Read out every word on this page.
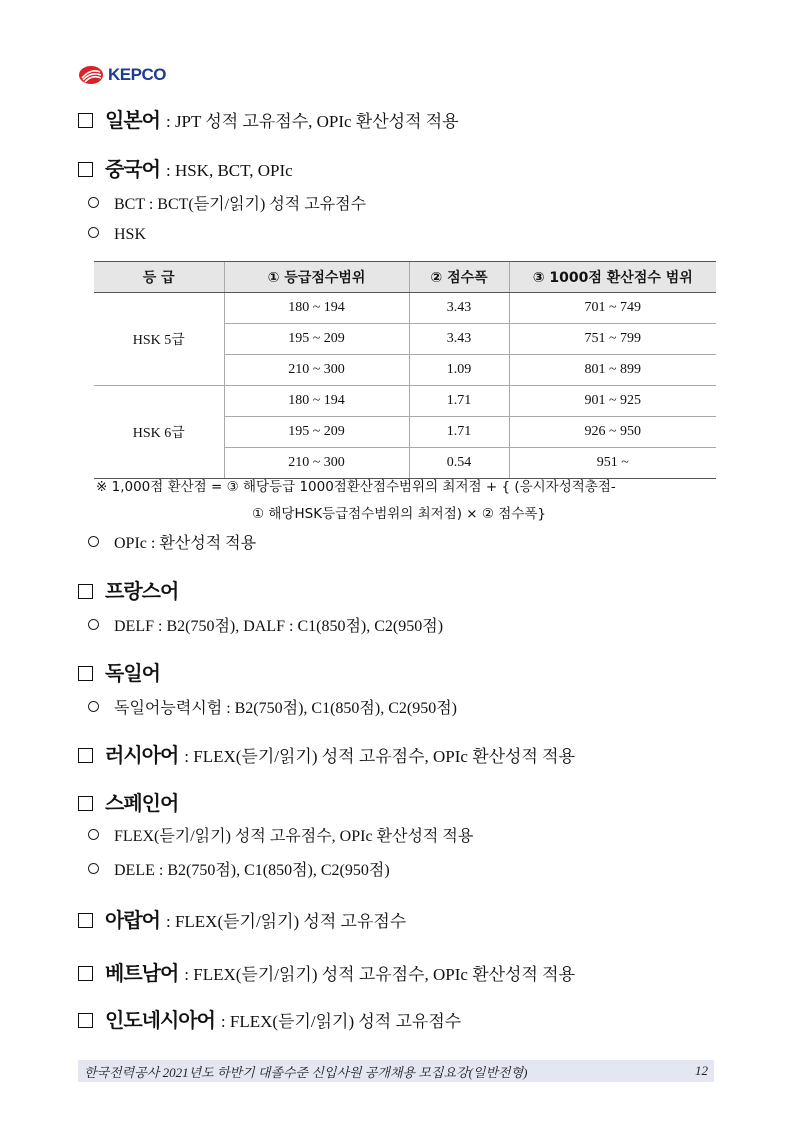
KEPCO
일본어 : JPT 성적 고유점수, OPIc 환산성적 적용
중국어 : HSK, BCT, OPIc
BCT : BCT(듣기/읽기) 성적 고유점수
HSK
등 급	① 등급점수범위	② 점수폭	③ 1000점 환산점수 범위
HSK 5급	180 ~ 194	3.43	701 ~ 749
	195 ~ 209	3.43	751 ~ 799
	210 ~ 300	1.09	801 ~ 899
HSK 6급	180 ~ 194	1.71	901 ~ 925
	195 ~ 209	1.71	926 ~ 950
	210 ~ 300	0.54	951 ~
※ 1,000점 환산점 = ③ 해당등급 1000점환산점수범위의 최저점 + { (응시자성적총점-
① 해당HSK등급점수범위의 최저점) × ② 점수폭}
OPIc : 환산성적 적용
프랑스어
DELF : B2(750점), DALF : C1(850점), C2(950점)
독일어
독일어능력시험 : B2(750점), C1(850점), C2(950점)
러시아어 : FLEX(듣기/읽기) 성적 고유점수, OPIc 환산성적 적용
스페인어
FLEX(듣기/읽기) 성적 고유점수, OPIc 환산성적 적용
DELE : B2(750점), C1(850점), C2(950점)
아랍어 : FLEX(듣기/읽기) 성적 고유점수
베트남어 : FLEX(듣기/읽기) 성적 고유점수, OPIc 환산성적 적용
인도네시아어 : FLEX(듣기/읽기) 성적 고유점수
한국전력공사 2021년도 하반기 대졸수준 신입사원 공개채용 모집요강(일반전형)	12
